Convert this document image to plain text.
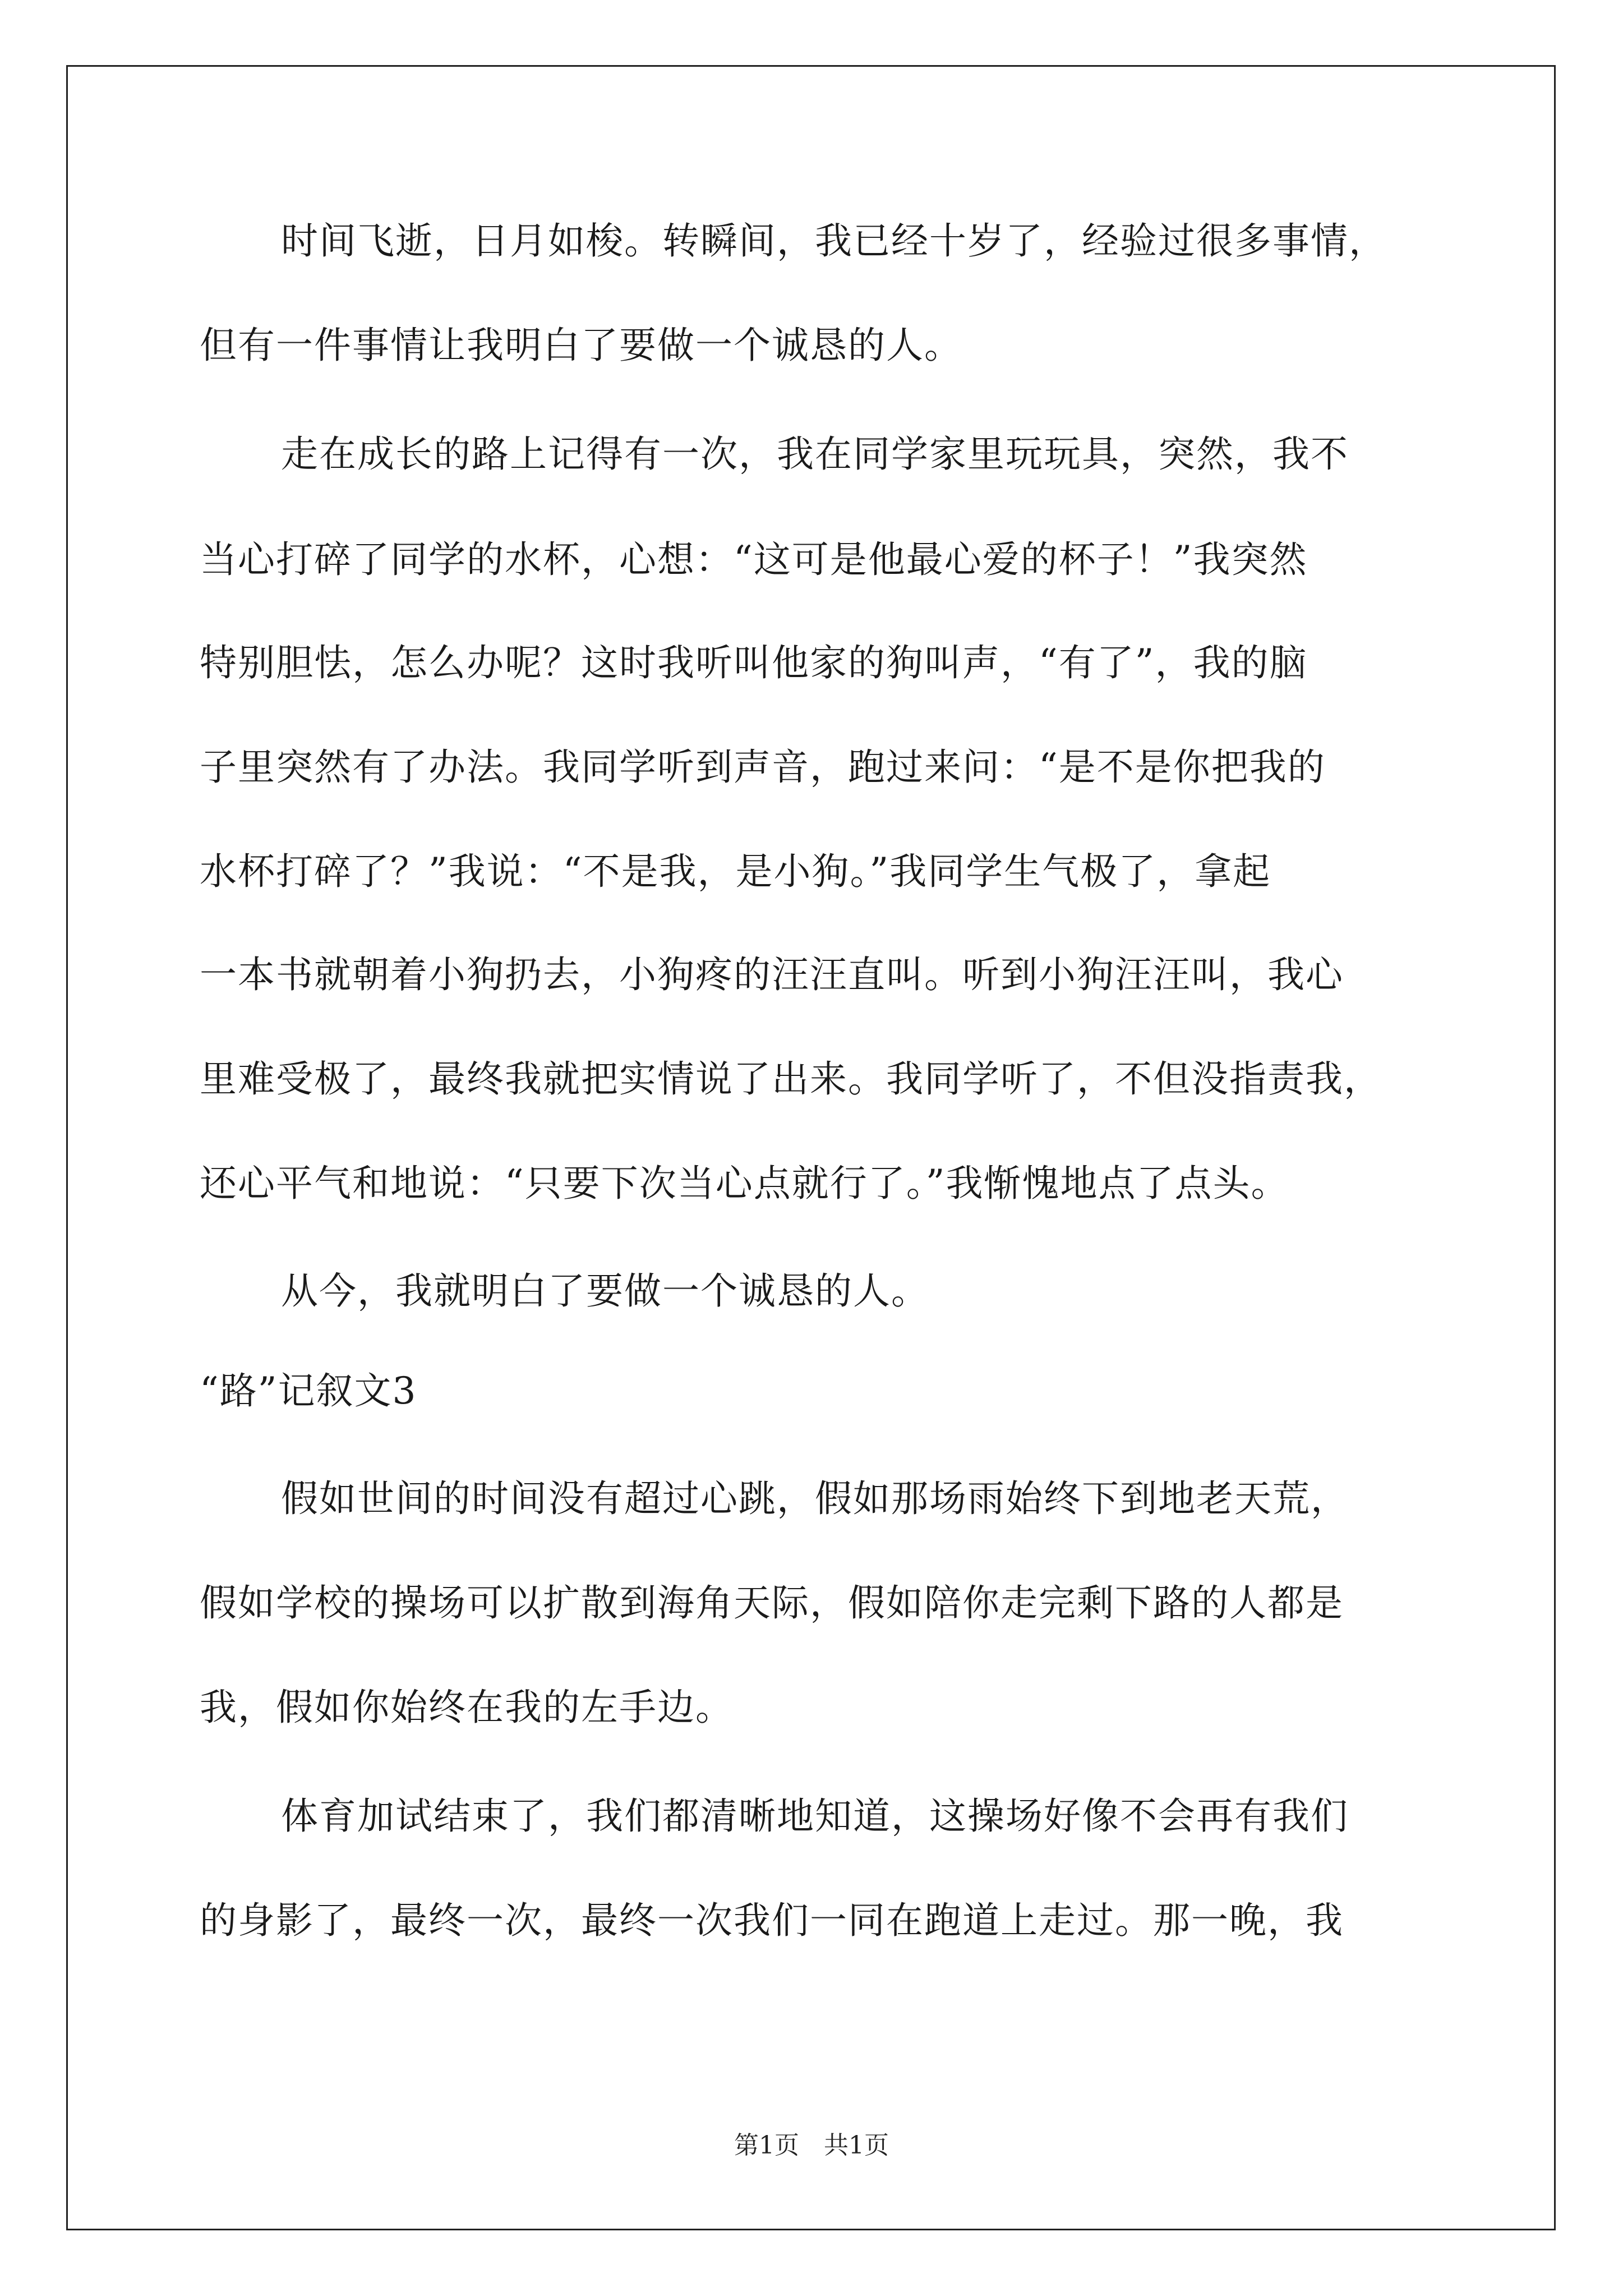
时间飞逝，日月如梭。转瞬间，我已经十岁了，经验过很多事情，
但有一件事情让我明白了要做一个诚恳的人。
走在成长的路上记得有一次，我在同学家里玩玩具，突然，我不
当心打碎了同学的水杯，心想：“这可是他最心爱的杯子！”我突然
特别胆怯，怎么办呢？这时我听叫他家的狗叫声，“有了”，我的脑
子里突然有了办法。我同学听到声音，跑过来问：“是不是你把我的
水杯打碎了？”我说：“不是我，是小狗。”我同学生气极了，拿起
一本书就朝着小狗扔去，小狗疼的汪汪直叫。听到小狗汪汪叫，我心
里难受极了，最终我就把实情说了出来。我同学听了，不但没指责我，
还心平气和地说：“只要下次当心点就行了。”我惭愧地点了点头。
从今，我就明白了要做一个诚恳的人。
“路”记叙文3
假如世间的时间没有超过心跳，假如那场雨始终下到地老天荒，
假如学校的操场可以扩散到海角天际，假如陪你走完剩下路的人都是
我，假如你始终在我的左手边。
体育加试结束了，我们都清晰地知道，这操场好像不会再有我们
的身影了，最终一次，最终一次我们一同在跑道上走过。那一晚，我
第1页　共1页
